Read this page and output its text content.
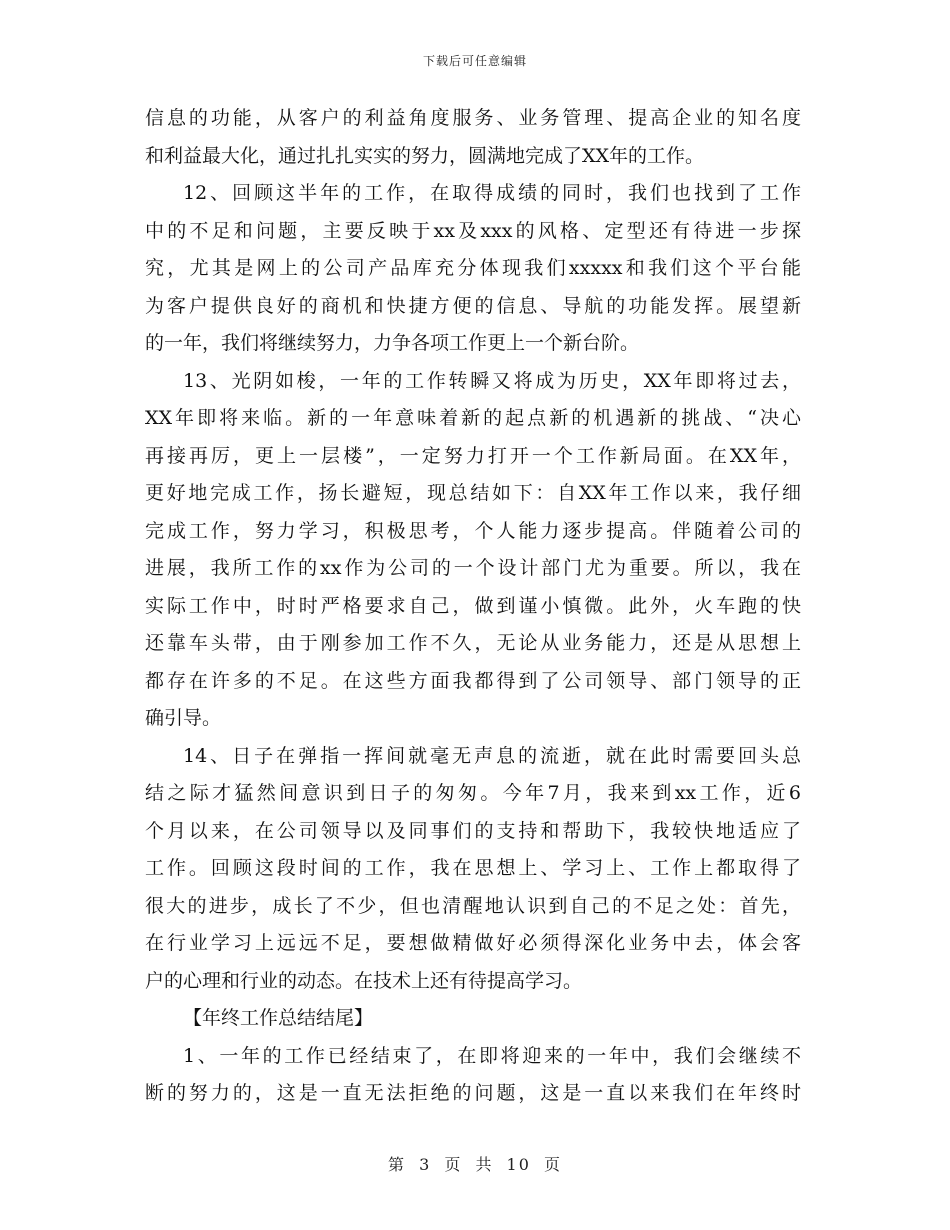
下载后可任意编辑
信息的功能，从客户的利益角度服务、业务管理、提高企业的知名度
和利益最大化，通过扎扎实实的努力，圆满地完成了XX年的工作。
12、回顾这半年的工作，在取得成绩的同时，我们也找到了工作
中的不足和问题，主要反映于xx及xxx的风格、定型还有待进一步探
究，尤其是网上的公司产品库充分体现我们xxxxx和我们这个平台能
为客户提供良好的商机和快捷方便的信息、导航的功能发挥。展望新
的一年，我们将继续努力，力争各项工作更上一个新台阶。
13、光阴如梭，一年的工作转瞬又将成为历史，XX年即将过去，
XX年即将来临。新的一年意味着新的起点新的机遇新的挑战、“决心
再接再厉，更上一层楼”，一定努力打开一个工作新局面。在XX年，
更好地完成工作，扬长避短，现总结如下：自XX年工作以来，我仔细
完成工作，努力学习，积极思考，个人能力逐步提高。伴随着公司的
进展，我所工作的xx作为公司的一个设计部门尤为重要。所以，我在
实际工作中，时时严格要求自己，做到谨小慎微。此外，火车跑的快
还靠车头带，由于刚参加工作不久，无论从业务能力，还是从思想上
都存在许多的不足。在这些方面我都得到了公司领导、部门领导的正
确引导。
14、日子在弹指一挥间就毫无声息的流逝，就在此时需要回头总
结之际才猛然间意识到日子的匆匆。今年7月，我来到xx工作，近6
个月以来，在公司领导以及同事们的支持和帮助下，我较快地适应了
工作。回顾这段时间的工作，我在思想上、学习上、工作上都取得了
很大的进步，成长了不少，但也清醒地认识到自己的不足之处：首先，
在行业学习上远远不足，要想做精做好必须得深化业务中去，体会客
户的心理和行业的动态。在技术上还有待提高学习。
【年终工作总结结尾】
1、一年的工作已经结束了，在即将迎来的一年中，我们会继续不
断的努力的，这是一直无法拒绝的问题，这是一直以来我们在年终时
第 3 页 共 10 页
